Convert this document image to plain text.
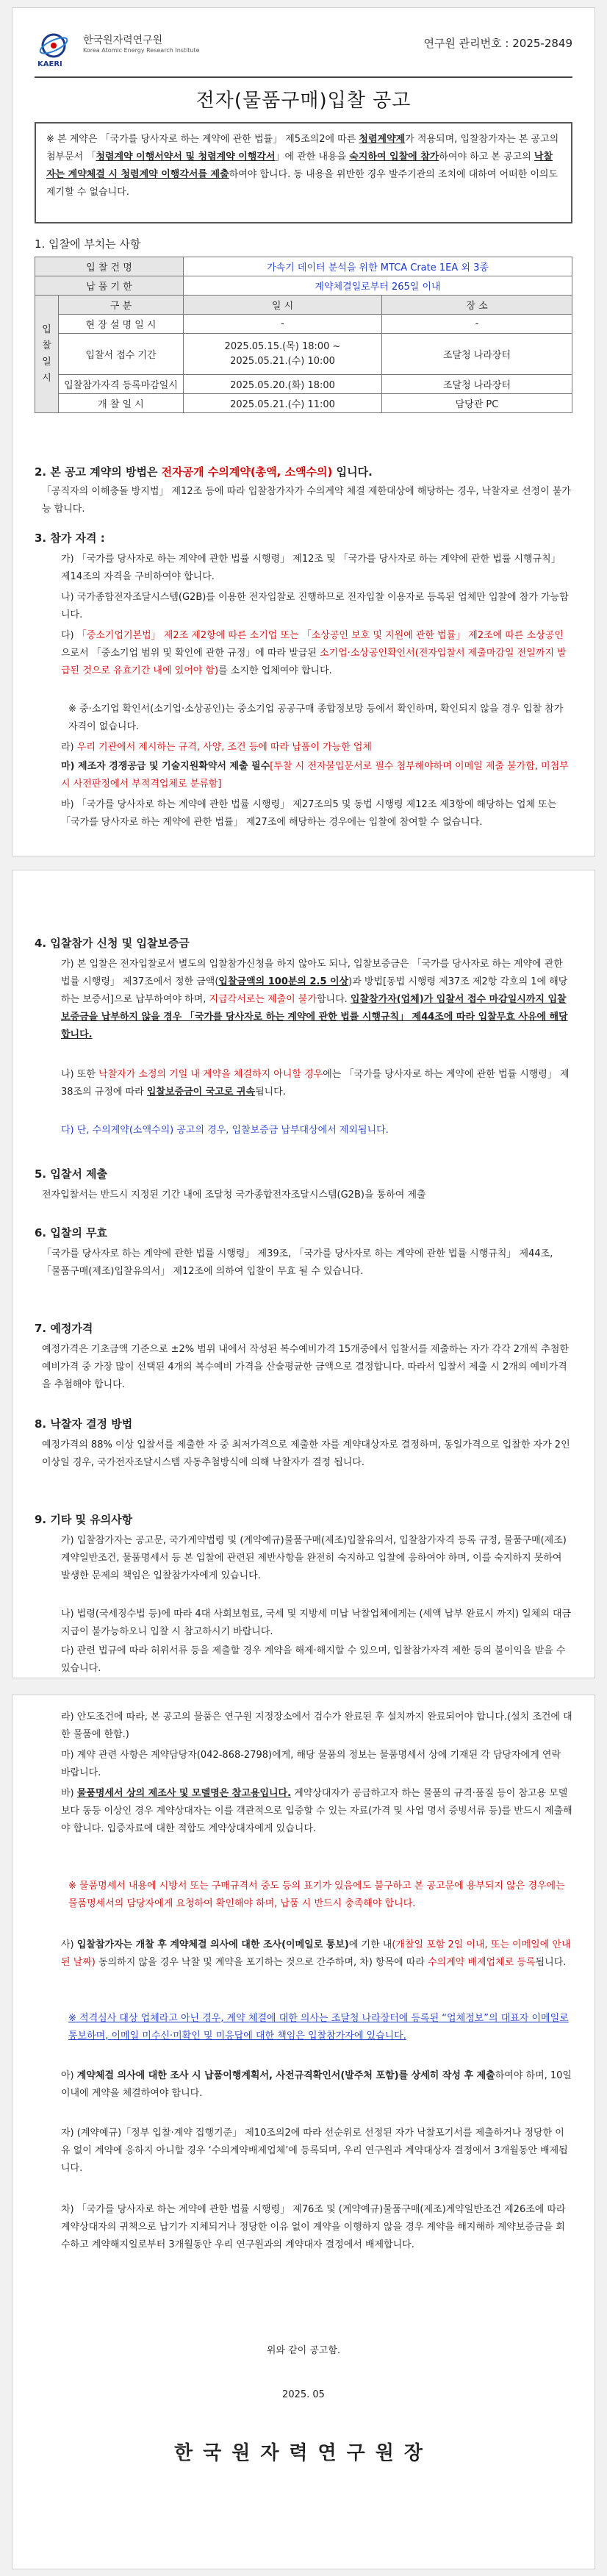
KAERI
한국원자력연구원
Korea Atomic Energy Research Institute
연구원 관리번호 : 2025-2849
전자(물품구매)입찰 공고
※ 본 계약은 「국가를 당사자로 하는 계약에 관한 법률」 제5조의2에 따른 청렴계약제가 적용되며, 입찰참가자는 본 공고의 첨부문서 「청렴계약 이행서약서 및 청렴계약 이행각서」에 관한 내용을 숙지하여 입찰에 참가하여야 하고 본 공고의 낙찰자는 계약체결 시 청렴계약 이행각서를 제출하여야 합니다. 동 내용을 위반한 경우 발주기관의 조치에 대하여 어떠한 이의도 제기할 수 없습니다.
1. 입찰에 부치는 사항
입 찰 건 명		가속기 데이터 분석을 위한 MTCA Crate 1EA 외 3종	
납 품 기 한		계약체결일로부터 265일 이내	
입 찰 일 시	구 분	일 시	장 소
	현 장 설 명 일 시	-	-
	입찰서 접수 기간	2025.05.15.(목) 18:00 ~
2025.05.21.(수) 10:00	조달청 나라장터
	입찰참가자격 등록마감일시	2025.05.20.(화) 18:00	조달청 나라장터
	개 찰 일 시	2025.05.21.(수) 11:00	담당관 PC
2. 본 공고 계약의 방법은 전자공개 수의계약(총액, 소액수의) 입니다.
「공직자의 이해충돌 방지법」 제12조 등에 따라 입찰참가자가 수의계약 체결 제한대상에 해당하는 경우, 낙찰자로 선정이 불가능 합니다.
3. 참가 자격 :
가) 「국가를 당사자로 하는 계약에 관한 법률 시행령」 제12조 및 「국가를 당사자로 하는 계약에 관한 법률 시행규칙」 제14조의 자격을 구비하여야 합니다.
나) 국가종합전자조달시스템(G2B)를 이용한 전자입찰로 진행하므로 전자입찰 이용자로 등록된 업체만 입찰에 참가 가능합니다.
다) 「중소기업기본법」 제2조 제2항에 따른 소기업 또는 「소상공인 보호 및 지원에 관한 법률」 제2조에 따른 소상공인으로서 「중소기업 범위 및 확인에 관한 규정」에 따라 발급된 소기업·소상공인확인서(전자입찰서 제출마감일 전일까지 발급된 것으로 유효기간 내에 있어야 함)를 소지한 업체여야 합니다.
※ 중·소기업 확인서(소기업·소상공인)는 중소기업 공공구매 종합정보망 등에서 확인하며, 확인되지 않을 경우 입찰 참가 자격이 없습니다.
라) 우리 기관에서 제시하는 규격, 사양, 조건 등에 따라 납품이 가능한 업체
마) 제조자 경쟁공급 및 기술지원확약서 제출 필수[투찰 시 전자불입문서로 필수 첨부해야하며 이메일 제출 불가함, 미첨부 시 사전판정에서 부적격업체로 분류함]
바) 「국가를 당사자로 하는 계약에 관한 법률 시행령」 제27조의5 및 동법 시행령 제12조 제3항에 해당하는 업체 또는 「국가를 당사자로 하는 계약에 관한 법률」 제27조에 해당하는 경우에는 입찰에 참여할 수 없습니다.
4. 입찰참가 신청 및 입찰보증금
가) 본 입찰은 전자입찰로서 별도의 입찰참가신청을 하지 않아도 되나, 입찰보증금은 「국가를 당사자로 하는 계약에 관한 법률 시행령」 제37조에서 정한 금액(입찰금액의 100분의 2.5 이상)과 방법[동법 시행령 제37조 제2항 각호의 1에 해당하는 보증서]으로 납부하여야 하며, 지급각서로는 제출이 불가합니다. 입찰참가자(업체)가 입찰서 접수 마감일시까지 입찰보증금을 납부하지 않을 경우 「국가를 당사자로 하는 계약에 관한 법률 시행규칙」 제44조에 따라 입찰무효 사유에 해당합니다.
나) 또한 낙찰자가 소정의 기일 내 계약을 체결하지 아니할 경우에는 「국가를 당사자로 하는 계약에 관한 법률 시행령」 제38조의 규정에 따라 입찰보증금이 국고로 귀속됩니다.
다) 단, 수의계약(소액수의) 공고의 경우, 입찰보증금 납부대상에서 제외됩니다.
5. 입찰서 제출
전자입찰서는 반드시 지정된 기간 내에 조달청 국가종합전자조달시스템(G2B)을 통하여 제출
6. 입찰의 무효
「국가를 당사자로 하는 계약에 관한 법률 시행령」 제39조, 「국가를 당사자로 하는 계약에 관한 법률 시행규칙」 제44조, 「물품구매(제조)입찰유의서」 제12조에 의하여 입찰이 무효 될 수 있습니다.
7. 예정가격
예정가격은 기초금액 기준으로 ±2% 범위 내에서 작성된 복수예비가격 15개중에서 입찰서를 제출하는 자가 각각 2개씩 추첨한 예비가격 중 가장 많이 선택된 4개의 복수예비 가격을 산술평균한 금액으로 결정합니다. 따라서 입찰서 제출 시 2개의 예비가격을 추첨해야 합니다.
8. 낙찰자 결정 방법
예정가격의 88% 이상 입찰서를 제출한 자 중 최저가격으로 제출한 자를 계약대상자로 결정하며, 동일가격으로 입찰한 자가 2인 이상일 경우, 국가전자조달시스템 자동추첨방식에 의해 낙찰자가 결정 됩니다.
9. 기타 및 유의사항
가) 입찰참가자는 공고문, 국가계약법령 및 (계약예규)물품구매(제조)입찰유의서, 입찰참가자격 등록 규정, 물품구매(제조)계약일반조건, 물품명세서 등 본 입찰에 관련된 제반사항을 완전히 숙지하고 입찰에 응하여야 하며, 이를 숙지하지 못하여 발생한 문제의 책임은 입찰참가자에게 있습니다.
나) 법령(국세징수법 등)에 따라 4대 사회보험료, 국세 및 지방세 미납 낙찰업체에게는 (세액 납부 완료시 까지) 일체의 대금지급이 불가능하오니 입찰 시 참고하시기 바랍니다.
다) 관련 법규에 따라 허위서류 등을 제출할 경우 계약을 해제·해지할 수 있으며, 입찰참가자격 제한 등의 불이익을 받을 수 있습니다.
라) 안도조건에 따라, 본 공고의 물품은 연구원 지정장소에서 검수가 완료된 후 설치까지 완료되어야 합니다.(설치 조건에 대한 물품에 한함.)
마) 계약 관련 사항은 계약담당자(042-868-2798)에게, 해당 물품의 정보는 물품명세서 상에 기재된 각 담당자에게 연락 바랍니다.
바) 물품명세서 상의 제조사 및 모델명은 참고용입니다. 계약상대자가 공급하고자 하는 물품의 규격·품질 등이 참고용 모델보다 동등 이상인 경우 계약상대자는 이를 객관적으로 입증할 수 있는 자료(가격 및 사업 명서 증빙서류 등)를 반드시 제출해야 합니다. 입증자료에 대한 적합도 계약상대자에게 있습니다.
※ 물품명세서 내용에 시방서 또는 구매규격서 중도 등의 표기가 있음에도 불구하고 본 공고문에 용부되지 않은 경우에는 물품명세서의 담당자에게 요청하여 확인해야 하며, 납품 시 반드시 충족해야 합니다.
사) 입찰참가자는 개찰 후 계약체결 의사에 대한 조사(이메일로 통보)에 기한 내(개찰일 포함 2일 이내, 또는 이메일에 안내된 날짜) 동의하지 않을 경우 낙찰 및 계약을 포기하는 것으로 간주하며, 차) 항목에 따라 수의계약 배제업체로 등록됩니다.
※ 적격심사 대상 업체라고 아닌 경우, 계약 체결에 대한 의사는 조달청 나라장터에 등록된 “업체정보”의 대표자 이메일로 통보하며, 이메일 미수신·미확인 및 미응답에 대한 책임은 입찰참가자에 있습니다.
아) 계약체결 의사에 대한 조사 시 납품이행계획서, 사전규격확인서(발주처 포함)를 상세히 작성 후 제출하여야 하며, 10일 이내에 계약을 체결하여야 합니다.
자) (계약예규)「정부 입찰·계약 집행기준」 제10조의2에 따라 선순위로 선정된 자가 낙찰포기서를 제출하거나 정당한 이유 없이 계약에 응하지 아니할 경우 ‘수의계약배제업체’에 등록되며, 우리 연구원과 계약대상자 결정에서 3개월동안 배제됩니다.
차) 「국가를 당사자로 하는 계약에 관한 법률 시행령」 제76조 및 (계약예규)물품구매(제조)계약일반조건 제26조에 따라 계약상대자의 귀책으로 납기가 지체되거나 정당한 이유 없이 계약을 이행하지 않을 경우 계약을 해지해하 계약보증금을 회수하고 계약해지일로부터 3개월동안 우리 연구원과의 계약대자 결정에서 배제합니다.
위와 같이 공고함.
2025. 05
한국원자력연구원장
